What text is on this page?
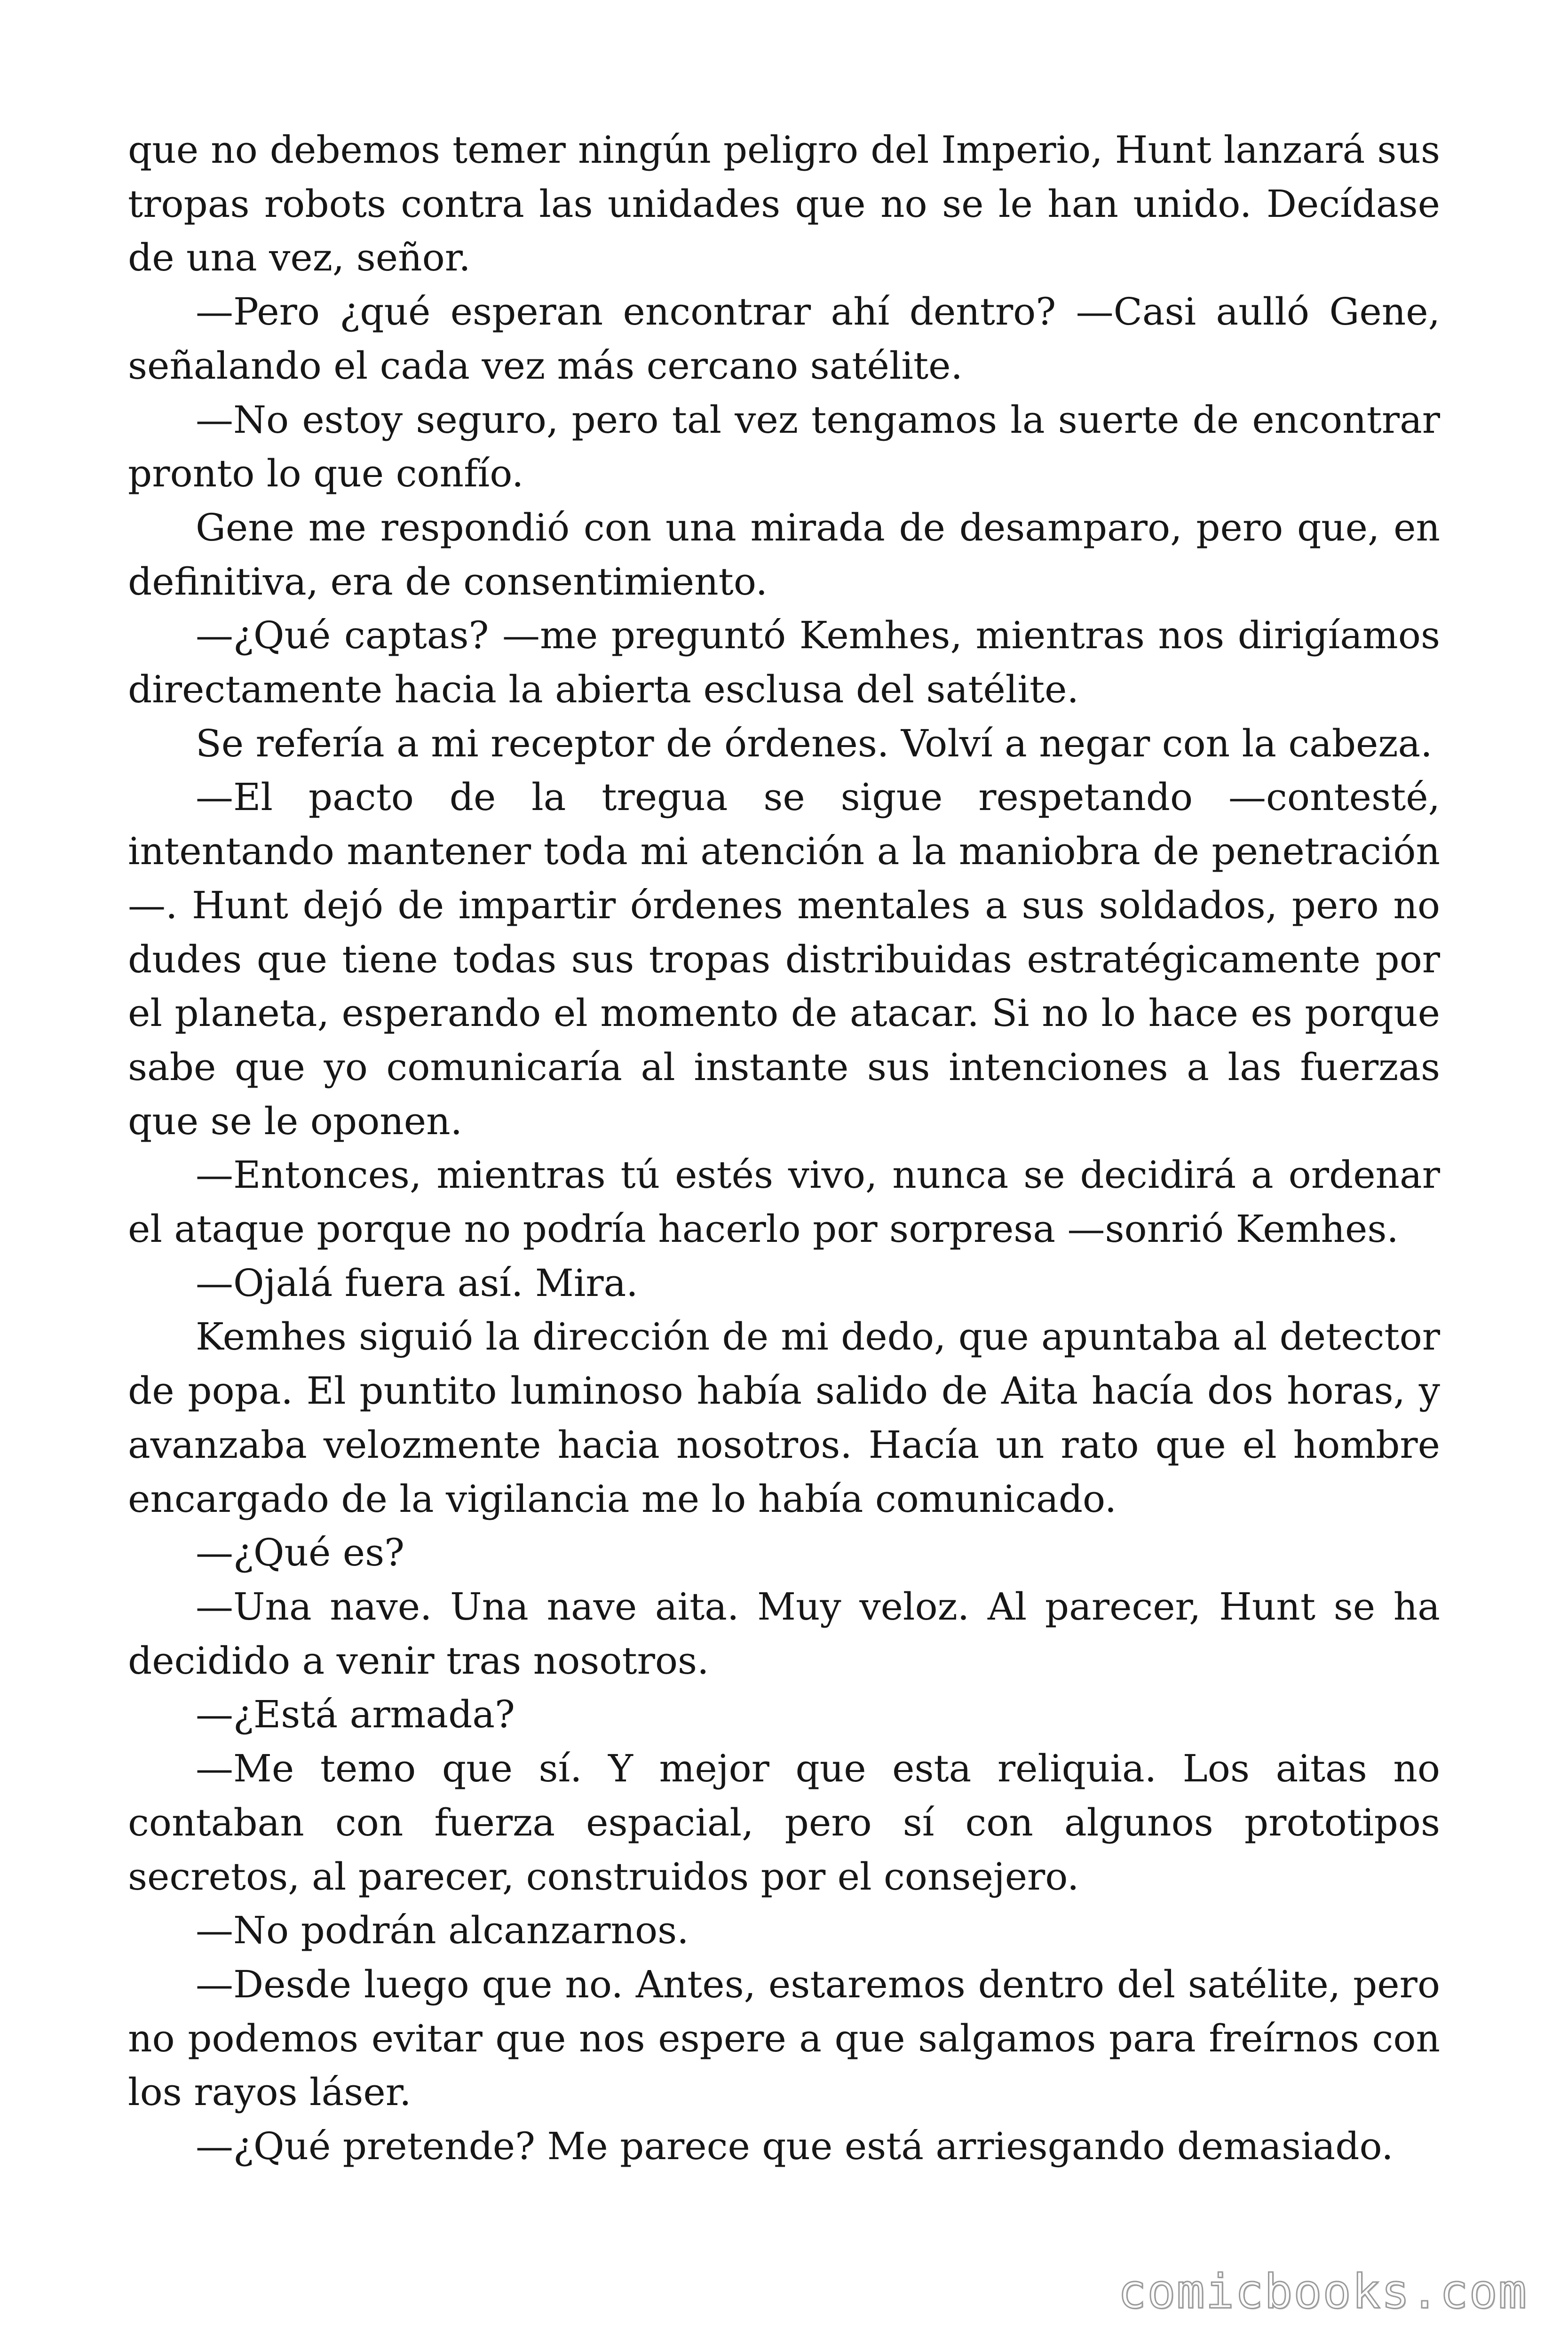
que no debemos temer ningún peligro del Imperio, Hunt lanzará sus tropas robots contra las unidades que no se le han unido. Decídase de una vez, señor.

—Pero ¿qué esperan encontrar ahí dentro? —Casi aulló Gene, señalando el cada vez más cercano satélite.

—No estoy seguro, pero tal vez tengamos la suerte de encontrar pronto lo que confío.

Gene me respondió con una mirada de desamparo, pero que, en definitiva, era de consentimiento.

—¿Qué captas? —me preguntó Kemhes, mientras nos dirigíamos directamente hacia la abierta esclusa del satélite.

Se refería a mi receptor de órdenes. Volví a negar con la cabeza.

—El pacto de la tregua se sigue respetando —contesté, intentando mantener toda mi atención a la maniobra de penetración —. Hunt dejó de impartir órdenes mentales a sus soldados, pero no dudes que tiene todas sus tropas distribuidas estratégicamente por el planeta, esperando el momento de atacar. Si no lo hace es porque sabe que yo comunicaría al instante sus intenciones a las fuerzas que se le oponen.

—Entonces, mientras tú estés vivo, nunca se decidirá a ordenar el ataque porque no podría hacerlo por sorpresa —sonrió Kemhes.

—Ojalá fuera así. Mira.

Kemhes siguió la dirección de mi dedo, que apuntaba al detector de popa. El puntito luminoso había salido de Aita hacía dos horas, y avanzaba velozmente hacia nosotros. Hacía un rato que el hombre encargado de la vigilancia me lo había comunicado.

—¿Qué es?

—Una nave. Una nave aita. Muy veloz. Al parecer, Hunt se ha decidido a venir tras nosotros.

—¿Está armada?

—Me temo que sí. Y mejor que esta reliquia. Los aitas no contaban con fuerza espacial, pero sí con algunos prototipos secretos, al parecer, construidos por el consejero.

—No podrán alcanzarnos.

—Desde luego que no. Antes, estaremos dentro del satélite, pero no podemos evitar que nos espere a que salgamos para freírnos con los rayos láser.

—¿Qué pretende? Me parece que está arriesgando demasiado.

comicbooks.com
